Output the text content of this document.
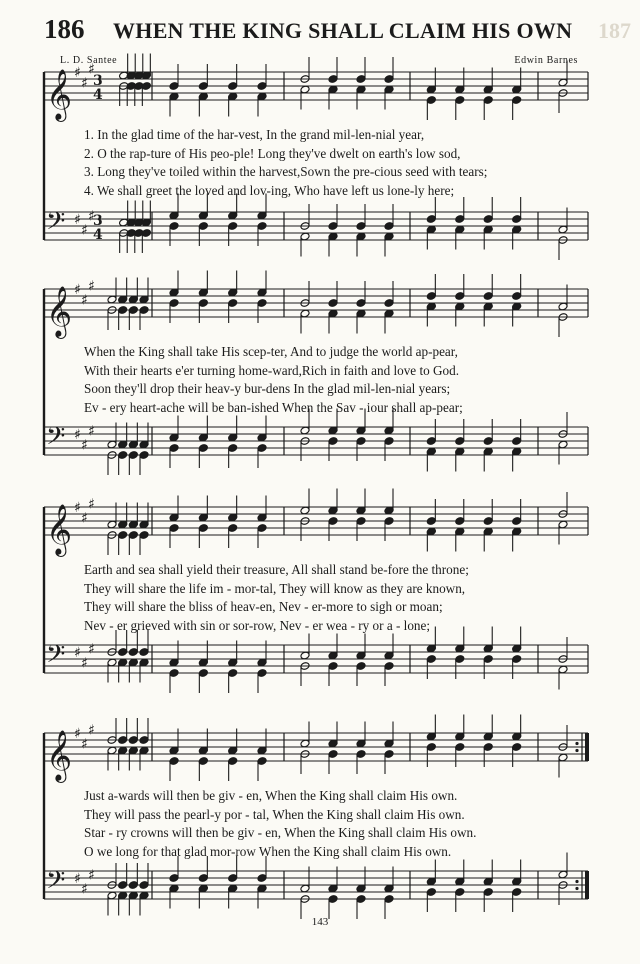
186 WHEN THE KING SHALL CLAIM HIS OWN 187
L. D. Santee	Edwin Barnes
𝄞
𝄢
♯
♯
♯
♯
♯
♯
3
4
3
4
𝄞
𝄢
♯
♯
♯
♯
♯
♯
𝄞
𝄢
♯
♯
♯
♯
♯
♯
𝄞
𝄢
♯
♯
♯
♯
♯
♯
1. In the glad time of the har-vest, In the grand mil-len-nial year,
2. O the rap-ture of His peo-ple! Long they've dwelt on earth's low sod,
3. Long they've toiled within the harvest,Sown the pre-cious seed with tears;
4. We shall greet the loved and lov-ing, Who have left us lone-ly here;
When the King shall take His scep-ter, And to judge the world ap-pear,
With their hearts e'er turning home-ward,Rich in faith and love to God.
Soon they'll drop their heav-y bur-dens In the glad mil-len-nial years;
Ev - ery heart-ache will be ban-ished When the Sav - iour shall ap-pear;
Earth and sea shall yield their treasure, All shall stand be-fore the throne;
They will share the life im - mor-tal, They will know as they are known,
They will share the bliss of heav-en, Nev - er-more to sigh or moan;
Nev - er grieved with sin or sor-row, Nev - er wea - ry or a - lone;
Just a-wards will then be giv - en, When the King shall claim His own.
They will pass the pearl-y por - tal, When the King shall claim His own.
Star - ry crowns will then be giv - en, When the King shall claim His own.
O we long for that glad mor-row When the King shall claim His own.
143
